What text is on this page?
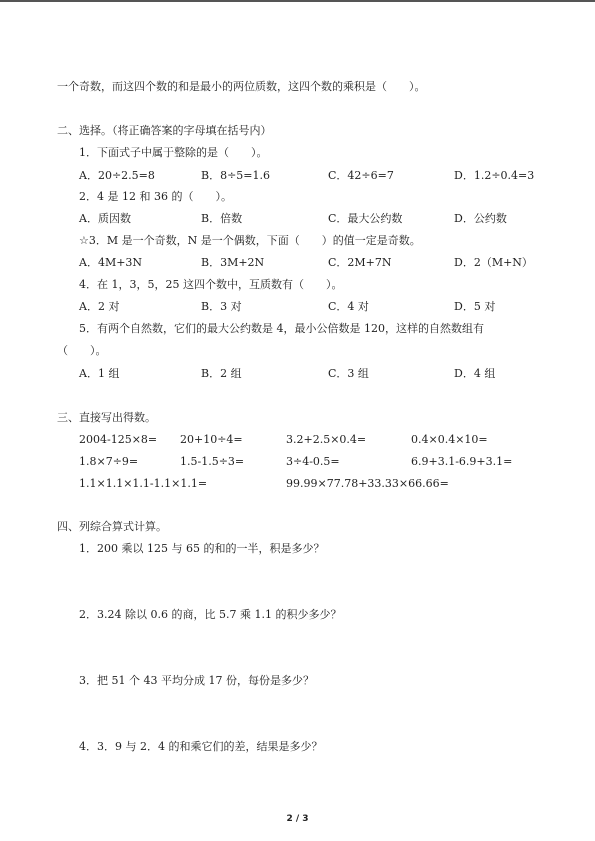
一个奇数，而这四个数的和是最小的两位质数，这四个数的乘积是（　　）。
二、选择。（将正确答案的字母填在括号内）
1．下面式子中属于整除的是（　　）。
A．20÷2.5=8	B．8÷5=1.6	C．42÷6=7	D．1.2÷0.4=3
2．4 是 12 和 36 的（　　）。
A．质因数	B．倍数	C．最大公约数	D．公约数
☆3．M 是一个奇数，N 是一个偶数，下面（　　）的值一定是奇数。
A．4M+3N	B．3M+2N	C．2M+7N	D．2（M+N）
4．在 1，3，5，25 这四个数中，互质数有（　　）。
A．2 对	B．3 对	C．4 对	D．5 对
5．有两个自然数，它们的最大公约数是 4，最小公倍数是 120，这样的自然数组有
（　　）。
A．1 组	B．2 组	C．3 组	D．4 组
三、直接写出得数。
2004-125×8= 20+10÷4=	3.2+2.5×0.4=	0.4×0.4×10=
1.8×7÷9=	1.5-1.5÷3=	3÷4-0.5=	6.9+3.1-6.9+3.1=
1.1×1.1×1.1-1.1×1.1=	99.99×77.78+33.33×66.66=
四、列综合算式计算。
1．200 乘以 125 与 65 的和的一半，积是多少？
2．3.24 除以 0.6 的商，比 5.7 乘 1.1 的积少多少？
3．把 51 个 43 平均分成 17 份，每份是多少？
4．3．9 与 2．4 的和乘它们的差，结果是多少？
2 / 3
